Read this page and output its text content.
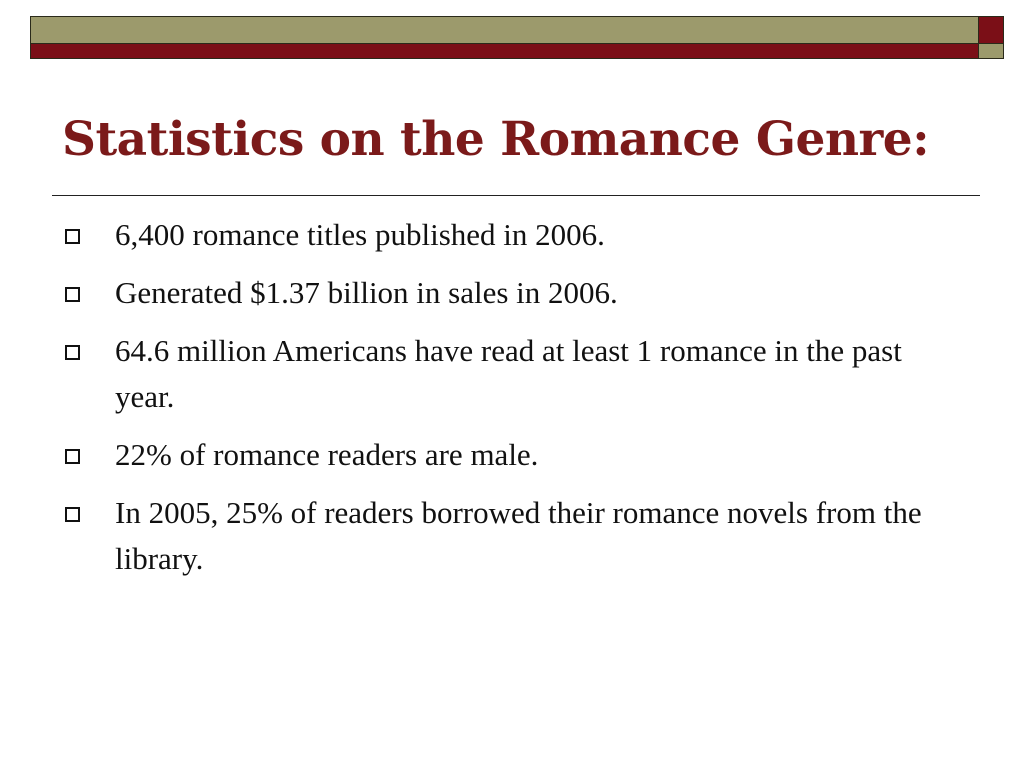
Statistics on the Romance Genre:
6,400 romance titles published in 2006.
Generated $1.37 billion in sales in 2006.
64.6 million Americans have read at least 1 romance in the past year.
22% of romance readers are male.
In 2005, 25% of readers borrowed their romance novels from the library.
